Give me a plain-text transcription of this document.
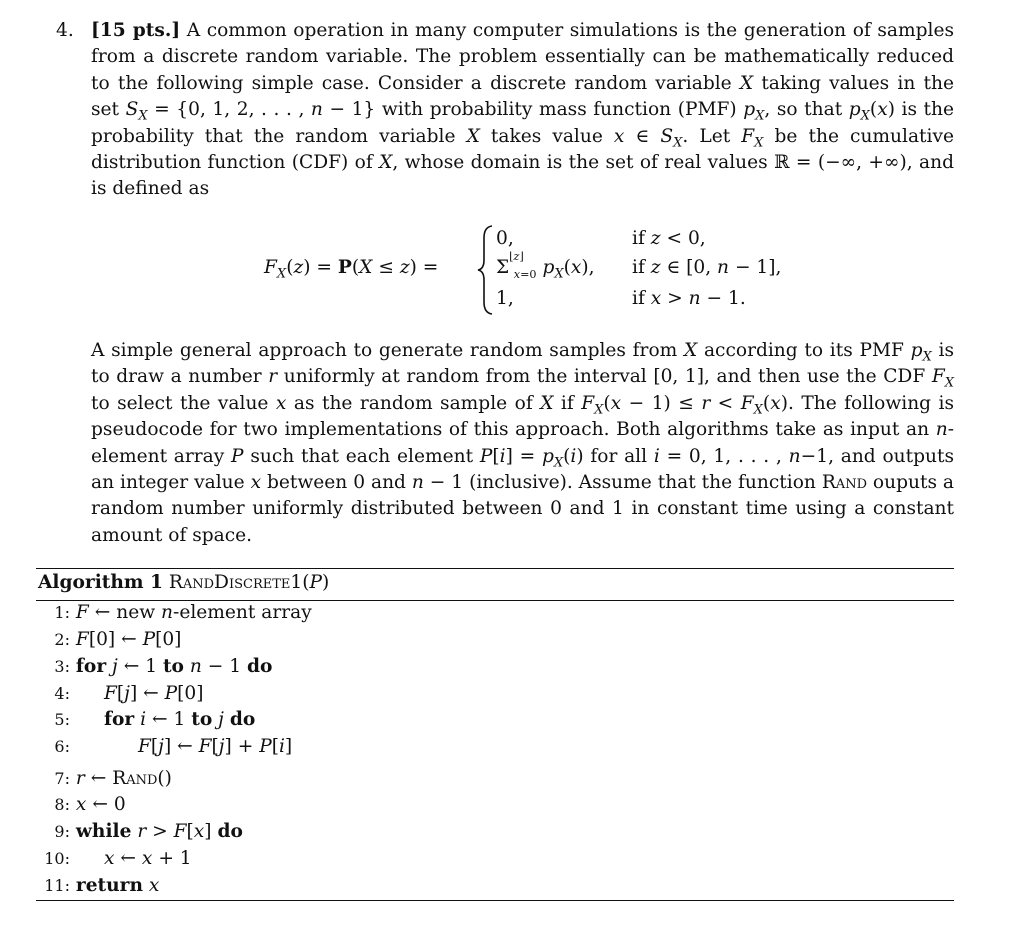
4. [15 pts.] A common operation in many computer simulations is the generation of samples from a discrete random variable. The problem essentially can be mathematically reduced to the following simple case. Consider a discrete random variable X taking values in the set $S_X = \{0$, 1, 2, . . . , n − 1} with probability mass function (PMF) $p_X$, so that $p_X(x)$ is the probability that the random variable X takes value x ∈ $S_X$. Let $F_X$ be the cumulative distribution function (CDF) of X, whose domain is the set of real values ℝ = (−∞, +∞), and is defined as

$F_X(z) = P(X \le z)$ =
0,	if z < 0,
$\Sigma^{⌊z⌋}_{x=0}$ $p_X(x)$, if z ∈ [0, n − 1],
1,	if x > n − 1.

A simple general approach to generate random samples from X according to its PMF $p_X$ is to draw a number r uniformly at random from the interval [0, 1], and then use the CDF $F_X$ to select the value x as the random sample of X if $F_X(x - 1) \le r < F_X(x)$. The following is pseudocode for two implementations of this approach. Both algorithms take as input an n-element array P such that each element $P[i] = p_X(i)$ for all i = 0, 1, . . . , n−1, and outputs an integer value x between 0 and n − 1 (inclusive). Assume that the function Rand ouputs a random number uniformly distributed between 0 and 1 in constant time using a constant amount of space.

Algorithm 1 RandDiscrete1(P)
1: F ← new n-element array
2: F[0] ← P[0]
3: for j ← 1 to n − 1 do
4: F[j] ← P[0]
5: for i ← 1 to j do
6:	F[j] ← F[j] + P[i]
7: r ← Rand()
8: x ← 0
9: while r > F[x] do
10: x ← x + 1
11: return x
